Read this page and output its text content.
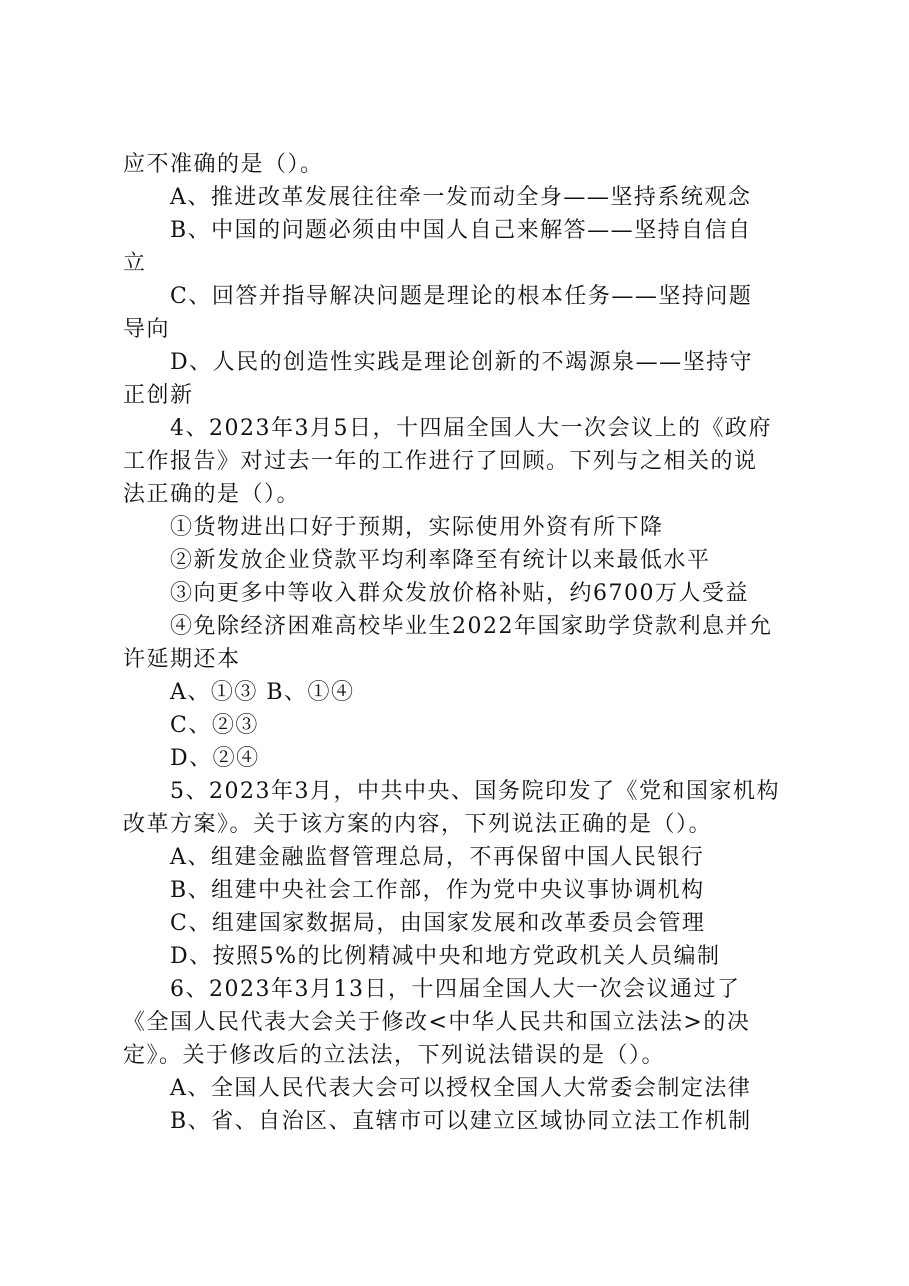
应不准确的是（）。
A、推进改革发展往往牵一发而动全身——坚持系统观念
B、中国的问题必须由中国人自己来解答——坚持自信自
立
C、回答并指导解决问题是理论的根本任务——坚持问题
导向
D、人民的创造性实践是理论创新的不竭源泉——坚持守
正创新
4、2023年3月5日，十四届全国人大一次会议上的《政府
工作报告》对过去一年的工作进行了回顾。下列与之相关的说
法正确的是（）。
①货物进出口好于预期，实际使用外资有所下降
②新发放企业贷款平均利率降至有统计以来最低水平
③向更多中等收入群众发放价格补贴，约6700万人受益
④免除经济困难高校毕业生2022年国家助学贷款利息并允
许延期还本
A、①③ B、①④
C、②③
D、②④
5、2023年3月，中共中央、国务院印发了《党和国家机构
改革方案》。关于该方案的内容，下列说法正确的是（）。
A、组建金融监督管理总局，不再保留中国人民银行
B、组建中央社会工作部，作为党中央议事协调机构
C、组建国家数据局，由国家发展和改革委员会管理
D、按照5%的比例精减中央和地方党政机关人员编制
6、2023年3月13日，十四届全国人大一次会议通过了
《全国人民代表大会关于修改<中华人民共和国立法法>的决
定》。关于修改后的立法法，下列说法错误的是（）。
A、全国人民代表大会可以授权全国人大常委会制定法律
B、省、自治区、直辖市可以建立区域协同立法工作机制
